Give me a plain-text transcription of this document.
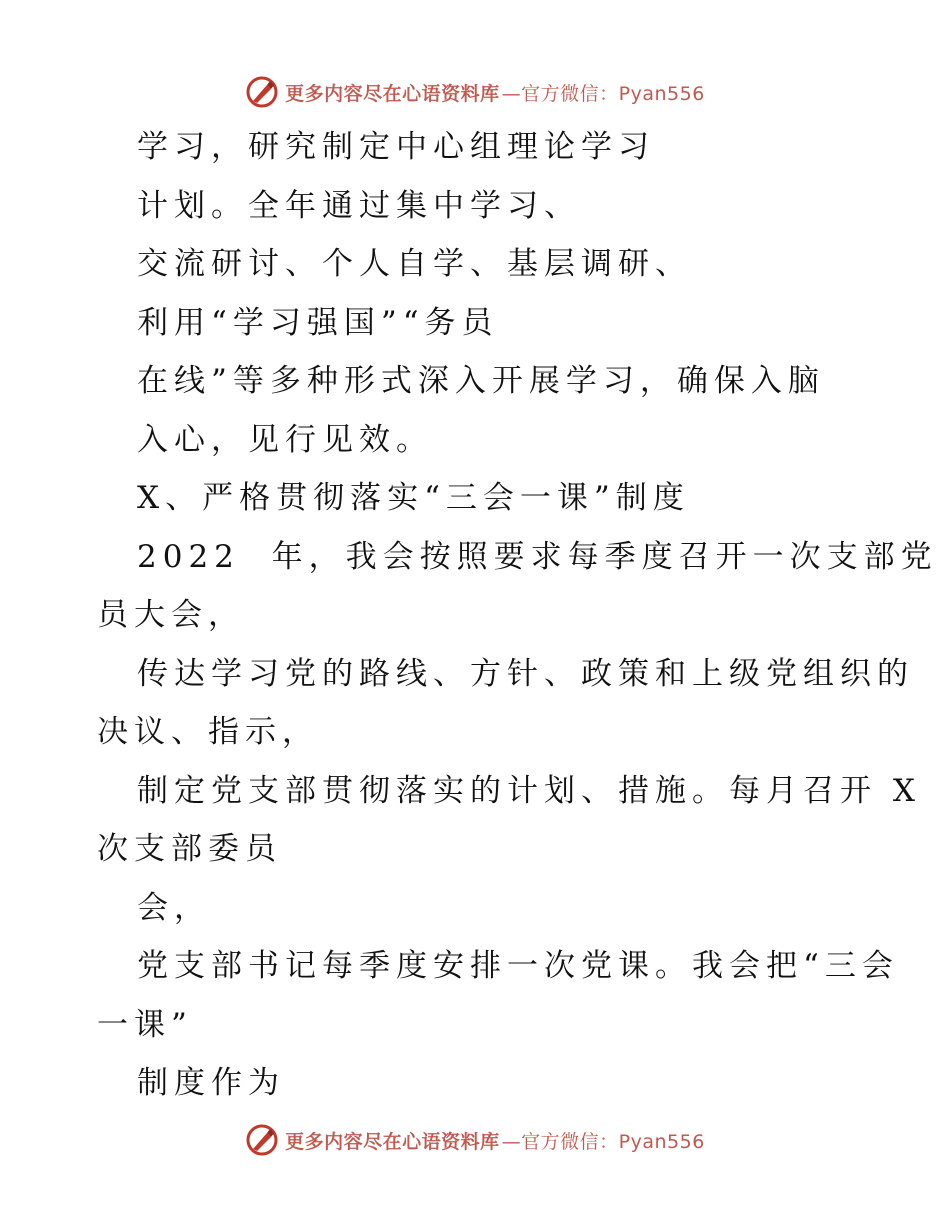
更多内容尽在心语资料库 —官方微信：Pyan556
学习，研究制定中心组理论学习
计划。全年通过集中学习、
交流研讨、个人自学、基层调研、
利用“学习强国”“务员
在线”等多种形式深入开展学习，确保入脑
入心，见行见效。
X、严格贯彻落实“三会一课”制度
2022  年，我会按照要求每季度召开一次支部党
员大会，
传达学习党的路线、方针、政策和上级党组织的
决议、指示，
制定党支部贯彻落实的计划、措施。每月召开 X
次支部委员
会，
党支部书记每季度安排一次党课。我会把“三会
一课”
制度作为
更多内容尽在心语资料库 —官方微信：Pyan556
